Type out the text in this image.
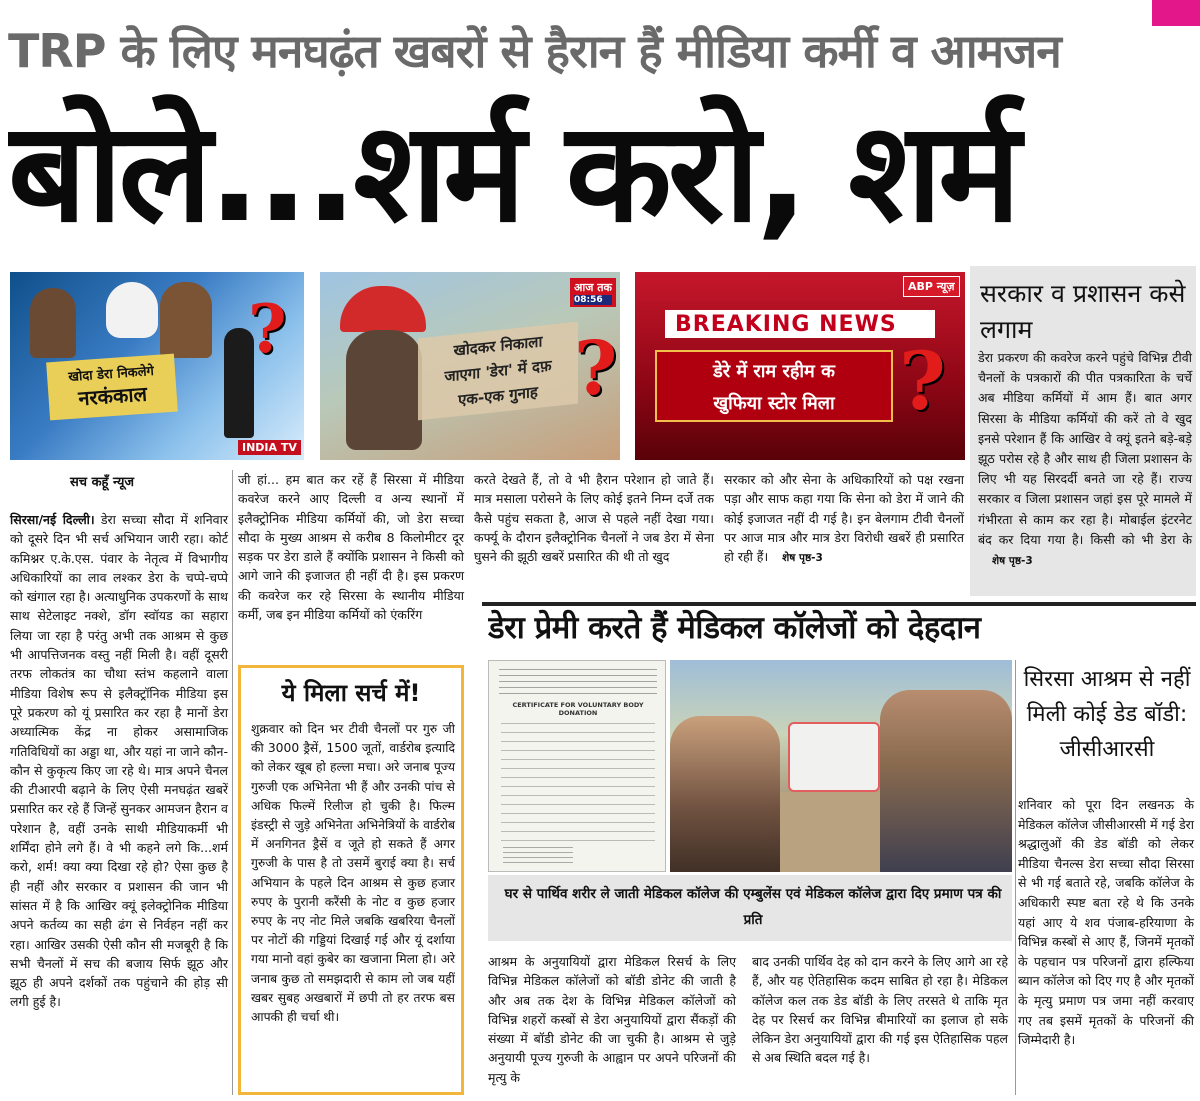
TRP के लिए मनघढ़ंत खबरों से हैरान हैं मीडिया कर्मी व आमजन
बोले...शर्म करो, शर्म
खोदा डेरा निकलेगे
नरकंकाल
?
INDIA TV
खोदकर निकाला
जाएगा 'डेरा' में दफ़
एक-एक गुनाह
आज तक
08:56
?
BREAKING NEWS
डेरे में राम रहीम क
खुफिया स्टोर मिला
ABP न्यूज़
?
सरकार व प्रशासन कसे लगाम
डेरा प्रकरण की कवरेज करने पहुंचे विभिन्न टीवी चैनलों के पत्रकारों की पीत पत्रकारिता के चर्चे अब मीडिया कर्मियों में आम हैं। बात अगर सिरसा के मीडिया कर्मियों की करें तो वे खुद इनसे परेशान हैं कि आखिर वे क्यूं इतने बड़े-बड़े झूठ परोस रहे है और साथ ही जिला प्रशासन के लिए भी यह सिरदर्दी बनते जा रहे हैं। राज्य सरकार व जिला प्रशासन जहां इस पूरे मामले में गंभीरता से काम कर रहा है। मोबाईल इंटरनेट बंद कर दिया गया है। किसी को भी डेरा के शेष पृष्ठ-3
सच कहूँ न्यूज
सिरसा/नई दिल्ली। डेरा सच्चा सौदा में शनिवार को दूसरे दिन भी सर्च अभियान जारी रहा। कोर्ट कमिश्नर ए.के.एस. पंवार के नेतृत्व में विभागीय अधिकारियों का लाव लश्कर डेरा के चप्पे-चप्पे को खंगाल रहा है। अत्याधुनिक उपकरणों के साथ साथ सेटेलाइट नक्शे, डॉग स्वॉयड का सहारा लिया जा रहा है परंतु अभी तक आश्रम से कुछ भी आपत्तिजनक वस्तु नहीं मिली है। वहीं दूसरी तरफ लोकतंत्र का चौथा स्तंभ कहलाने वाला मीडिया विशेष रूप से इलैक्ट्रॉनिक मीडिया इस पूरे प्रकरण को यूं प्रसारित कर रहा है मानों डेरा अध्यात्मिक केंद्र ना होकर असामाजिक गतिविधियों का अड्डा था, और यहां ना जाने कौन-कौन से कुकृत्य किए जा रहे थे। मात्र अपने चैनल की टीआरपी बढ़ाने के लिए ऐसी मनघढ़ंत खबरें प्रसारित कर रहे हैं जिन्हें सुनकर आमजन हैरान व परेशान है, वहीं उनके साथी मीडियाकर्मी भी शर्मिंदा होने लगे हैं। वे भी कहने लगे कि...शर्म करो, शर्म! क्या क्या दिखा रहे हो? ऐसा कुछ है ही नहीं और सरकार व प्रशासन की जान भी सांसत में है कि आखिर क्यूं इलेक्ट्रोनिक मीडिया अपने कर्तव्य का सही ढंग से निर्वहन नहीं कर रहा। आखिर उसकी ऐसी कौन सी मजबूरी है कि सभी चैनलों में सच की बजाय सिर्फ झूठ और झूठ ही अपने दर्शकों तक पहुंचाने की होड़ सी लगी हुई है।
जी हां... हम बात कर रहें हैं सिरसा में मीडिया कवरेज करने आए दिल्ली व अन्य स्थानों में इलैक्ट्रोनिक मीडिया कर्मियों की, जो डेरा सच्चा सौदा के मुख्य आश्रम से करीब 8 किलोमीटर दूर सड़क पर डेरा डाले हैं क्योंकि प्रशासन ने किसी को आगे जाने की इजाजत ही नहीं दी है। इस प्रकरण की कवरेज कर रहे सिरसा के स्थानीय मीडिया कर्मी, जब इन मीडिया कर्मियों को एंकरिंग
करते देखते हैं, तो वे भी हैरान परेशान हो जाते हैं। मात्र मसाला परोसने के लिए कोई इतने निम्न दर्जे तक कैसे पहुंच सकता है, आज से पहले नहीं देखा गया। कर्फ्यू के दौरान इलैक्ट्रोनिक चैनलों ने जब डेरा में सेना घुसने की झूठी खबरें प्रसारित की थी तो खुद
सरकार को और सेना के अधिकारियों को पक्ष रखना पड़ा और साफ कहा गया कि सेना को डेरा में जाने की कोई इजाजत नहीं दी गई है। इन बेलगाम टीवी चैनलों पर आज मात्र और मात्र डेरा विरोधी खबरें ही प्रसारित हो रही हैं। शेष पृष्ठ-3
ये मिला सर्च में!
शुक्रवार को दिन भर टीवी चैनलों पर गुरु जी की 3000 ड्रैसें, 1500 जूतों, वार्डरोब इत्यादि को लेकर खूब हो हल्ला मचा। अरे जनाब पूज्य गुरुजी एक अभिनेता भी हैं और उनकी पांच से अधिक फिल्में रिलीज हो चुकी है। फिल्म इंडस्ट्री से जुड़े अभिनेता अभिनेत्रियों के वार्डरोब में अनगिनत ड्रैसें व जूते हो सकते हैं अगर गुरुजी के पास है तो उसमें बुराई क्या है। सर्च अभियान के पहले दिन आश्रम से कुछ हजार रुपए के पुरानी करैंसी के नोट व कुछ हजार रुपए के नए नोट मिले जबकि खबरिया चैनलों पर नोटों की गड्डियां दिखाई गई और यूं दर्शाया गया मानो वहां कुबेर का खजाना मिला हो। अरे जनाब कुछ तो समझदारी से काम लो जब यहीं खबर सुबह अखबारों में छपी तो हर तरफ बस आपकी ही चर्चा थी।
डेरा प्रेमी करते हैं मेडिकल कॉलेजों को देहदान
CERTIFICATE FOR VOLUNTARY BODY DONATION
घर से पार्थिव शरीर ले जाती मेडिकल कॉलेज की एम्बुलेंस एवं मेडिकल कॉलेज द्वारा दिए प्रमाण पत्र की प्रति
आश्रम के अनुयायियों द्वारा मेडिकल रिसर्च के लिए विभिन्न मेडिकल कॉलेजों को बॉडी डोनेट की जाती है और अब तक देश के विभिन्न मेडिकल कॉलेजों को विभिन्न शहरों कस्बों से डेरा अनुयायियों द्वारा सैंकड़ों की संख्या में बॉडी डोनेट की जा चुकी है। आश्रम से जुड़े अनुयायी पूज्य गुरुजी के आह्वान पर अपने परिजनों की मृत्यु के
बाद उनकी पार्थिव देह को दान करने के लिए आगे आ रहे हैं, और यह ऐतिहासिक कदम साबित हो रहा है। मेडिकल कॉलेज कल तक डेड बॉडी के लिए तरसते थे ताकि मृत देह पर रिसर्च कर विभिन्न बीमारियों का इलाज हो सके लेकिन डेरा अनुयायियों द्वारा की गई इस ऐतिहासिक पहल से अब स्थिति बदल गई है।
सिरसा आश्रम से नहीं मिली कोई डेड बॉडी: जीसीआरसी
शनिवार को पूरा दिन लखनऊ के मेडिकल कॉलेज जीसीआरसी में गई डेरा श्रद्धालुओं की डेड बॉडी को लेकर मीडिया चैनल्स डेरा सच्चा सौदा सिरसा से भी गई बताते रहे, जबकि कॉलेज के अधिकारी स्पष्ट बता रहे थे कि उनके यहां आए ये शव पंजाब-हरियाणा के विभिन्न कस्बों से आए हैं, जिनमें मृतकों के पहचान पत्र परिजनों द्वारा हल्फिया ब्यान कॉलेज को दिए गए है और मृतकों के मृत्यु प्रमाण पत्र जमा नहीं करवाए गए तब इसमें मृतकों के परिजनों की जिम्मेदारी है।
